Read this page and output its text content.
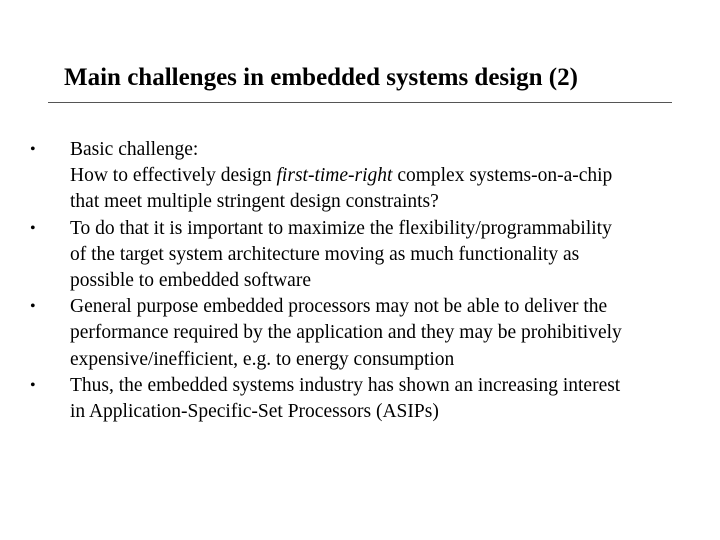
Main challenges in embedded systems design (2)
•	Basic challenge:
How to effectively design first-time-right complex systems-on-a-chip
that meet multiple stringent design constraints?
•	To do that it is important to maximize the flexibility/programmability
of the target system architecture moving as much functionality as
possible to embedded software
•	General purpose embedded processors may not be able to deliver the
performance required by the application and they may be prohibitively
expensive/inefficient, e.g. to energy consumption
•	Thus, the embedded systems industry has shown an increasing interest
in Application-Specific-Set Processors (ASIPs)
